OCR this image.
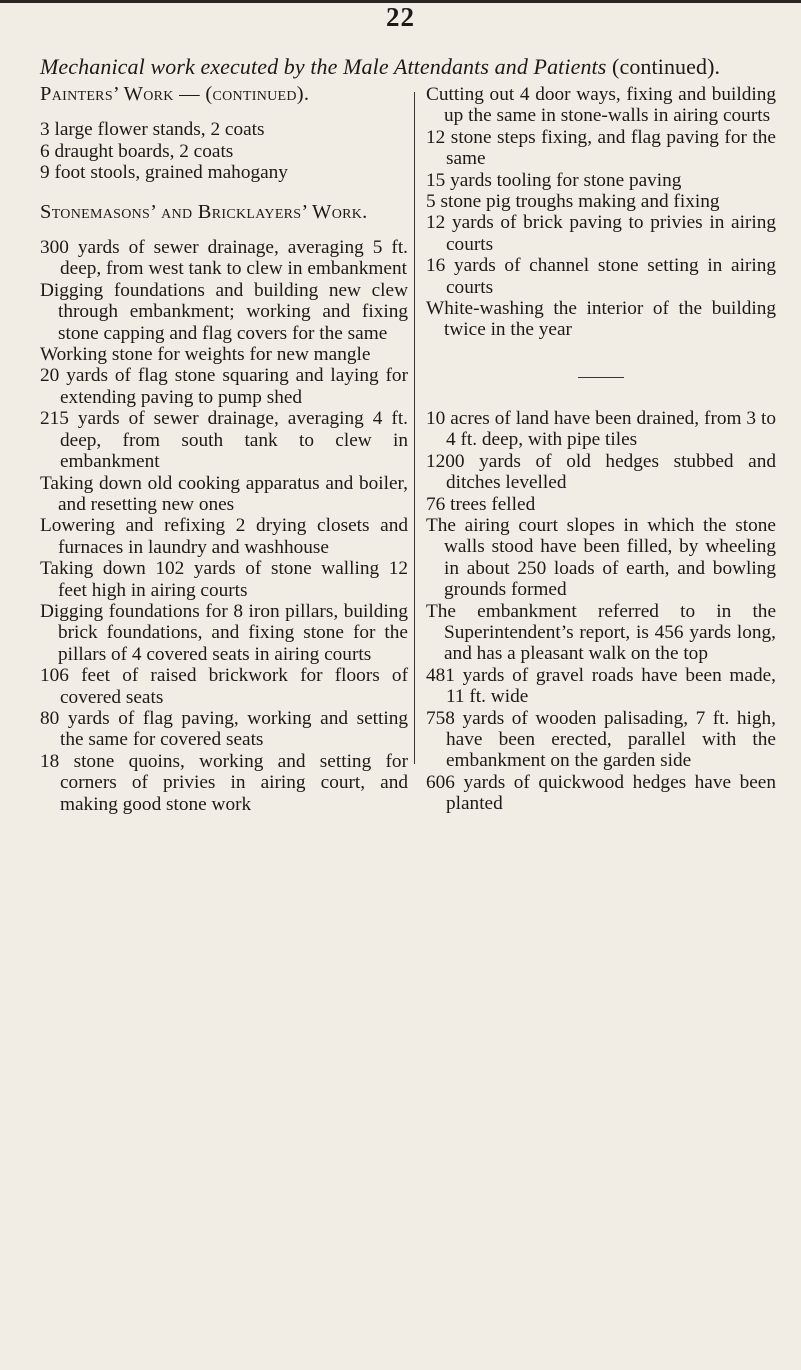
22
Mechanical work executed by the Male Attendants and Patients (continued).
Painters’ Work — (continued).
3 large flower stands, 2 coats
6 draught boards, 2 coats
9 foot stools, grained mahogany
Stonemasons’ and Bricklayers’ Work.
300 yards of sewer drainage, averaging 5 ft. deep, from west tank to clew in embankment
Digging foundations and building new clew through embankment; working and fixing stone capping and flag covers for the same
Working stone for weights for new mangle
20 yards of flag stone squaring and laying for extending paving to pump shed
215 yards of sewer drainage, averaging 4 ft. deep, from south tank to clew in embankment
Taking down old cooking apparatus and boiler, and resetting new ones
Lowering and refixing 2 drying closets and furnaces in laundry and washhouse
Taking down 102 yards of stone walling 12 feet high in airing courts
Digging foundations for 8 iron pillars, building brick foundations, and fixing stone for the pillars of 4 covered seats in airing courts
106 feet of raised brickwork for floors of covered seats
80 yards of flag paving, working and setting the same for covered seats
18 stone quoins, working and setting for corners of privies in airing court, and making good stone work
Cutting out 4 door ways, fixing and building up the same in stone-walls in airing courts
12 stone steps fixing, and flag paving for the same
15 yards tooling for stone paving
5 stone pig troughs making and fixing
12 yards of brick paving to privies in airing courts
16 yards of channel stone setting in airing courts
White-washing the interior of the building twice in the year
10 acres of land have been drained, from 3 to 4 ft. deep, with pipe tiles
1200 yards of old hedges stubbed and ditches levelled
76 trees felled
The airing court slopes in which the stone walls stood have been filled, by wheeling in about 250 loads of earth, and bowling grounds formed
The embankment referred to in the Superintendent’s report, is 456 yards long, and has a pleasant walk on the top
481 yards of gravel roads have been made, 11 ft. wide
758 yards of wooden palisading, 7 ft. high, have been erected, parallel with the embankment on the garden side
606 yards of quickwood hedges have been planted
